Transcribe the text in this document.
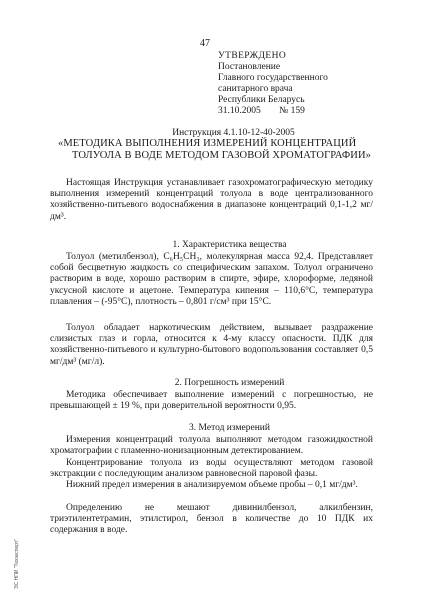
47
УТВЕРЖДЕНО
Постановление
Главного государственного
санитарного врача
Республики Беларусь
31.10.2005 № 159
Инструкция 4.1.10-12-40-2005
«МЕТОДИКА ВЫПОЛНЕНИЯ ИЗМЕРЕНИЙ КОНЦЕНТРАЦИЙ
ТОЛУОЛА В ВОДЕ МЕТОДОМ ГАЗОВОЙ ХРОМАТОГРАФИИ»
Настоящая Инструкция устанавливает газохроматографическую методику выполнения измерений концентраций толуола в воде централизованного хозяйственно-питьевого водоснабжения в диапазоне концентраций 0,1-1,2 мг/дм³.
1. Характеристика вещества
Толуол (метилбензол), C₆H₅CH₃, молекулярная масса 92,4. Представляет собой бесцветную жидкость со специфическим запахом. Толуол ограничено растворим в воде, хорошо растворим в спирте, эфире, хлороформе, ледяной уксусной кислоте и ацетоне. Температура кипения – 110,6°C, температура плавления – (-95°C), плотность – 0,801 г/см³ при 15°C.
Толуол обладает наркотическим действием, вызывает раздражение слизистых глаз и горла, относится к 4-му классу опасности. ПДК для хозяйственно-питьевого и культурно-бытового водопользования составляет 0,5 мг/дм³ (мг/л).
2. Погрешность измерений
Методика обеспечивает выполнение измерений с погрешностью, не превышающей ± 19 %, при доверительной вероятности 0,95.
3. Метод измерений
Измерения концентраций толуола выполняют методом газожидкостной хроматографии с пламенно-ионизационным детектированием.
Концентрирование толуола из воды осуществляют методом газовой экстракции с последующим анализом равновесной паровой фазы.
Нижний предел измерения в анализируемом объеме пробы – 0,1 мг/дм³.
Определению не мешают дивинилбензол, алкилбензин, триэтилентетрамин, этилстирол, бензол в количестве до 10 ПДК их содержания в воде.
ЭС НПИ "Техэксперт"
